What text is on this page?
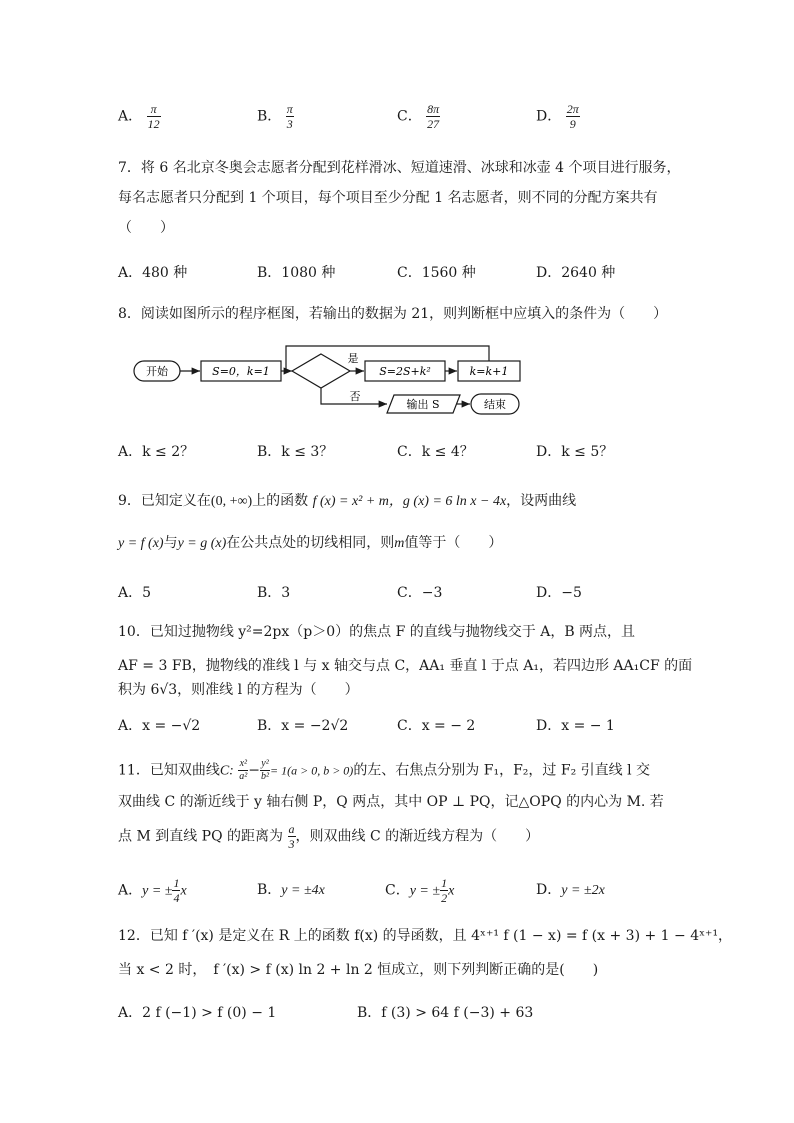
A． $\frac{\pi}{12}$	B． $\frac{\pi}{3}$	C． $\frac{8\pi}{27}$	D． $\frac{2\pi}{9}$
7．将 6 名北京冬奥会志愿者分配到花样滑冰、短道速滑、冰球和冰壶 4 个项目进行服务，
每名志愿者只分配到 1 个项目，每个项目至少分配 1 名志愿者，则不同的分配方案共有
（　　）
A．480 种	B．1080 种	C．1560 种	D．2640 种
8．阅读如图所示的程序框图，若输出的数据为 21，则判断框中应填入的条件为（　　）
开始	S=0，k=1
是
S=2S+k²	k=k+1
否
输出 S	结束
A．k ≤ 2？	B．k ≤ 3？	C．k ≤ 4？	D．k ≤ 5？
9．已知定义在(0, +∞)上的函数 f (x) = x² + m，g (x) = 6 ln x − 4x，设两曲线
y = f (x)与y = g (x)在公共点处的切线相同，则m值等于（　　）
A．5	B．3	C．−3	D．−5
10．已知过抛物线 y²=2px（p＞0）的焦点 F 的直线与抛物线交于 A，B 两点，且
AF = 3 FB，抛物线的准线 l 与 x 轴交与点 C，AA₁ 垂直 l 于点 A₁，若四边形 AA₁CF 的面
积为 6√3，则准线 l 的方程为（　　）
A．x = −√2	B．x = −2√2	C．x = − 2	D．x = − 1
11．已知双曲线C: $\frac{\text{x²}}{\text{a²}} - \frac{\text{y²}}{\text{b²}} = 1(a > 0$, b > 0)的左、右焦点分别为 F₁，F₂，过 F₂ 引直线 l 交
双曲线 C 的渐近线于 y 轴右侧 P，Q 两点，其中 OP ⊥ PQ，记△OPQ 的内心为 M. 若
点 M 到直线 PQ 的距离为 $\frac{a}{3}$ ，则双曲线 C 的渐近线方程为（　　）
A．y = ± $\frac{1}{4}$ x	B．y = ±4x	C．y = ± $\frac{1}{2}$ x	D．y = ±2x
12．已知 f ′(x) 是定义在 R 上的函数 f(x) 的导函数，且 4ˣ⁺¹ f (1 − x) = f (x + 3) + 1 − 4ˣ⁺¹，
当 x < 2 时，　f ′(x) > f (x) ln 2 + ln 2 恒成立，则下列判断正确的是(　　)
A．2 f (−1) > f (0) − 1	B．f (3) > 64 f (−3) + 63
